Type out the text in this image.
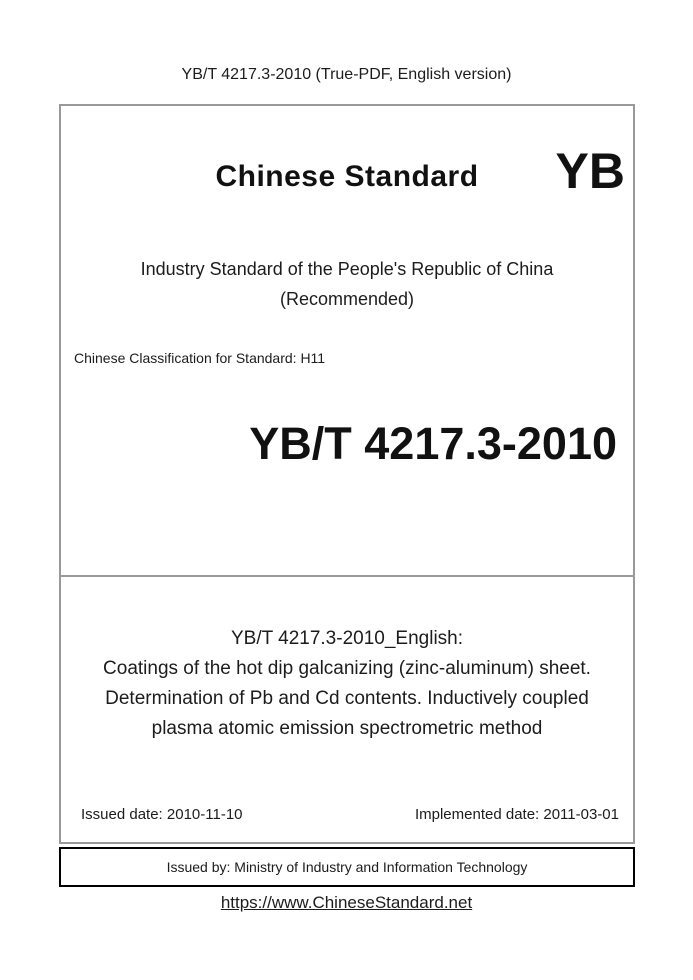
YB/T 4217.3-2010 (True-PDF, English version)
Chinese Standard	YB
Industry Standard of the People's Republic of China
(Recommended)
Chinese Classification for Standard: H11
YB/T 4217.3-2010
YB/T 4217.3-2010_English:
Coatings of the hot dip galcanizing (zinc-aluminum) sheet.
Determination of Pb and Cd contents. Inductively coupled
plasma atomic emission spectrometric method
Issued date: 2010-11-10	Implemented date: 2011-03-01
Issued by: Ministry of Industry and Information Technology
https://www.ChineseStandard.net
